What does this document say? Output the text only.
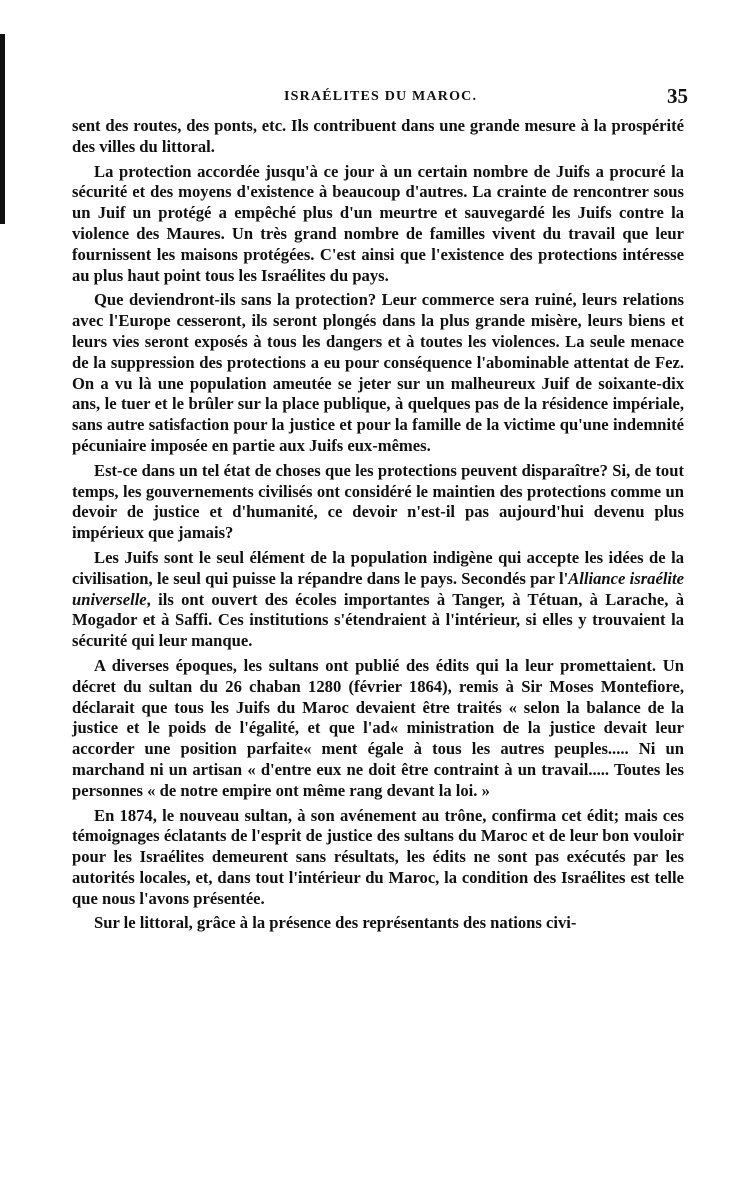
ISRAÉLITES DU MAROC.	35

sent des routes, des ponts, etc. Ils contribuent dans une grande mesure à la prospérité des villes du littoral.

La protection accordée jusqu'à ce jour à un certain nombre de Juifs a procuré la sécurité et des moyens d'existence à beaucoup d'autres. La crainte de rencontrer sous un Juif un protégé a empêché plus d'un meurtre et sauvegardé les Juifs contre la violence des Maures. Un très grand nombre de familles vivent du travail que leur fournissent les maisons protégées. C'est ainsi que l'existence des protections intéresse au plus haut point tous les Israélites du pays.

Que deviendront-ils sans la protection? Leur commerce sera ruiné, leurs relations avec l'Europe cesseront, ils seront plongés dans la plus grande misère, leurs biens et leurs vies seront exposés à tous les dangers et à toutes les violences. La seule menace de la suppression des protections a eu pour conséquence l'abominable attentat de Fez. On a vu là une population ameutée se jeter sur un malheureux Juif de soixante-dix ans, le tuer et le brûler sur la place publique, à quelques pas de la résidence impériale, sans autre satisfaction pour la justice et pour la famille de la victime qu'une indemnité pécuniaire imposée en partie aux Juifs eux-mêmes.

Est-ce dans un tel état de choses que les protections peuvent disparaître? Si, de tout temps, les gouvernements civilisés ont considéré le maintien des protections comme un devoir de justice et d'humanité, ce devoir n'est-il pas aujourd'hui devenu plus impérieux que jamais?

Les Juifs sont le seul élément de la population indigène qui accepte les idées de la civilisation, le seul qui puisse la répandre dans le pays. Secondés par l'Alliance israélite universelle, ils ont ouvert des écoles importantes à Tanger, à Tétuan, à Larache, à Mogador et à Saffi. Ces institutions s'étendraient à l'intérieur, si elles y trouvaient la sécurité qui leur manque.

A diverses époques, les sultans ont publié des édits qui la leur promettaient. Un décret du sultan du 26 chaban 1280 (février 1864), remis à Sir Moses Montefiore, déclarait que tous les Juifs du Maroc devaient être traités « selon la balance de la justice et le poids de l'égalité, et que l'ad« ministration de la justice devait leur accorder une position parfaite« ment égale à tous les autres peuples..... Ni un marchand ni un artisan « d'entre eux ne doit être contraint à un travail..... Toutes les personnes « de notre empire ont même rang devant la loi. »

En 1874, le nouveau sultan, à son avénement au trône, confirma cet édit; mais ces témoignages éclatants de l'esprit de justice des sultans du Maroc et de leur bon vouloir pour les Israélites demeurent sans résultats, les édits ne sont pas exécutés par les autorités locales, et, dans tout l'intérieur du Maroc, la condition des Israélites est telle que nous l'avons présentée.

Sur le littoral, grâce à la présence des représentants des nations civi-
